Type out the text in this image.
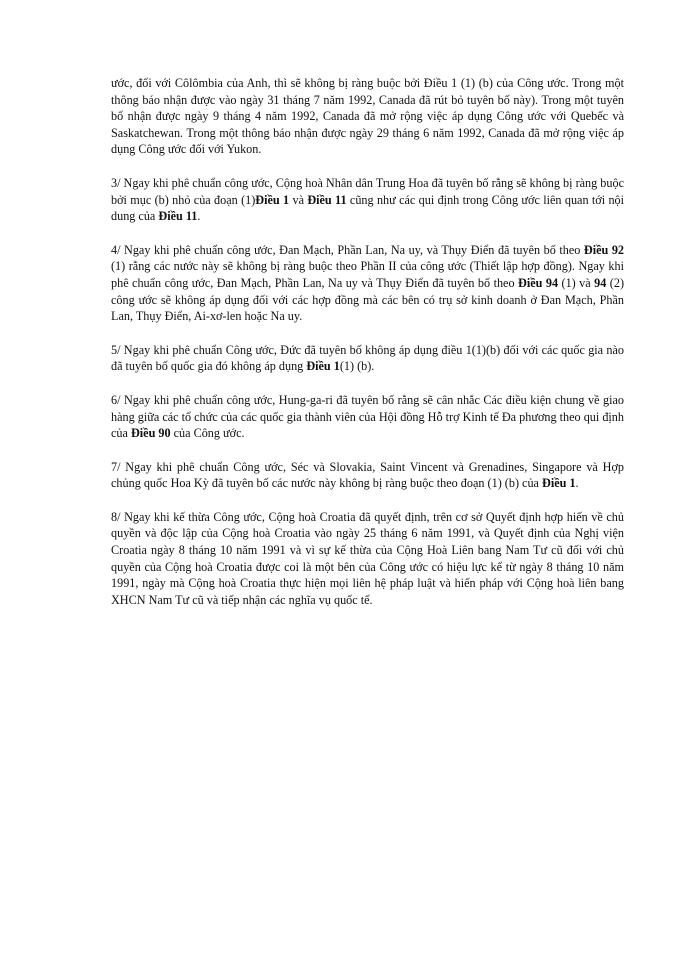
ước, đối với Côlômbia của Anh, thì sẽ không bị ràng buộc bởi Điều 1 (1) (b) của Công ước. Trong một thông báo nhận được vào ngày 31 tháng 7 năm 1992, Canada đã rút bỏ tuyên bố này). Trong một tuyên bố nhận được ngày 9 tháng 4 năm 1992, Canada đã mở rộng việc áp dụng Công ước với Quebếc và Saskatchewan. Trong một thông báo nhận được ngày 29 tháng 6 năm 1992, Canada đã mở rộng việc áp dụng Công ước đối với Yukon.

3/ Ngay khi phê chuẩn công ước, Cộng hoà Nhân dân Trung Hoa đã tuyên bố rằng sẽ không bị ràng buộc bởi mục (b) nhỏ của đoạn (1)Điều 1 và Điều 11 cũng như các qui định trong Công ước liên quan tới nội dung của Điều 11.

4/ Ngay khi phê chuẩn công ước, Đan Mạch, Phần Lan, Na uy, và Thụy Điển đã tuyên bố theo Điều 92 (1) rằng các nước này sẽ không bị ràng buộc theo Phần II của công ước (Thiết lập hợp đồng). Ngay khi phê chuẩn công ước, Đan Mạch, Phần Lan, Na uy và Thụy Điển đã tuyên bố theo Điều 94 (1) và 94 (2) công ước sẽ không áp dụng đối với các hợp đồng mà các bên có trụ sở kinh doanh ở Đan Mạch, Phần Lan, Thụy Điển, Ai-xơ-len hoặc Na uy.

5/ Ngay khi phê chuẩn Công ước, Đức đã tuyên bố không áp dụng điều 1(1)(b) đối với các quốc gia nào đã tuyên bố quốc gia đó không áp dụng Điều 1(1) (b).

6/ Ngay khi phê chuẩn công ước, Hung-ga-ri đã tuyên bố rằng sẽ cân nhắc Các điều kiện chung về giao hàng giữa các tổ chức của các quốc gia thành viên của Hội đồng Hỗ trợ Kinh tế Đa phương theo qui định của Điều 90 của Công ước.

7/ Ngay khi phê chuẩn Công ước, Séc và Slovakia, Saint Vincent và Grenadines, Singapore và Hợp chủng quốc Hoa Kỳ đã tuyên bố các nước này không bị ràng buộc theo đoạn (1) (b) của Điều 1.

8/ Ngay khi kế thừa Công ước, Cộng hoà Croatia đã quyết định, trên cơ sở Quyết định hợp hiến về chủ quyền và độc lập của Cộng hoà Croatia vào ngày 25 tháng 6 năm 1991, và Quyết định của Nghị viện Croatia ngày 8 tháng 10 năm 1991 và vì sự kế thừa của Cộng Hoà Liên bang Nam Tư cũ đối với chủ quyền của Cộng hoà Croatia được coi là một bên của Công ước có hiệu lực kể từ ngày 8 tháng 10 năm 1991, ngày mà Cộng hoà Croatia thực hiện mọi liên hệ pháp luật và hiến pháp với Cộng hoà liên bang XHCN Nam Tư cũ và tiếp nhận các nghĩa vụ quốc tế.
